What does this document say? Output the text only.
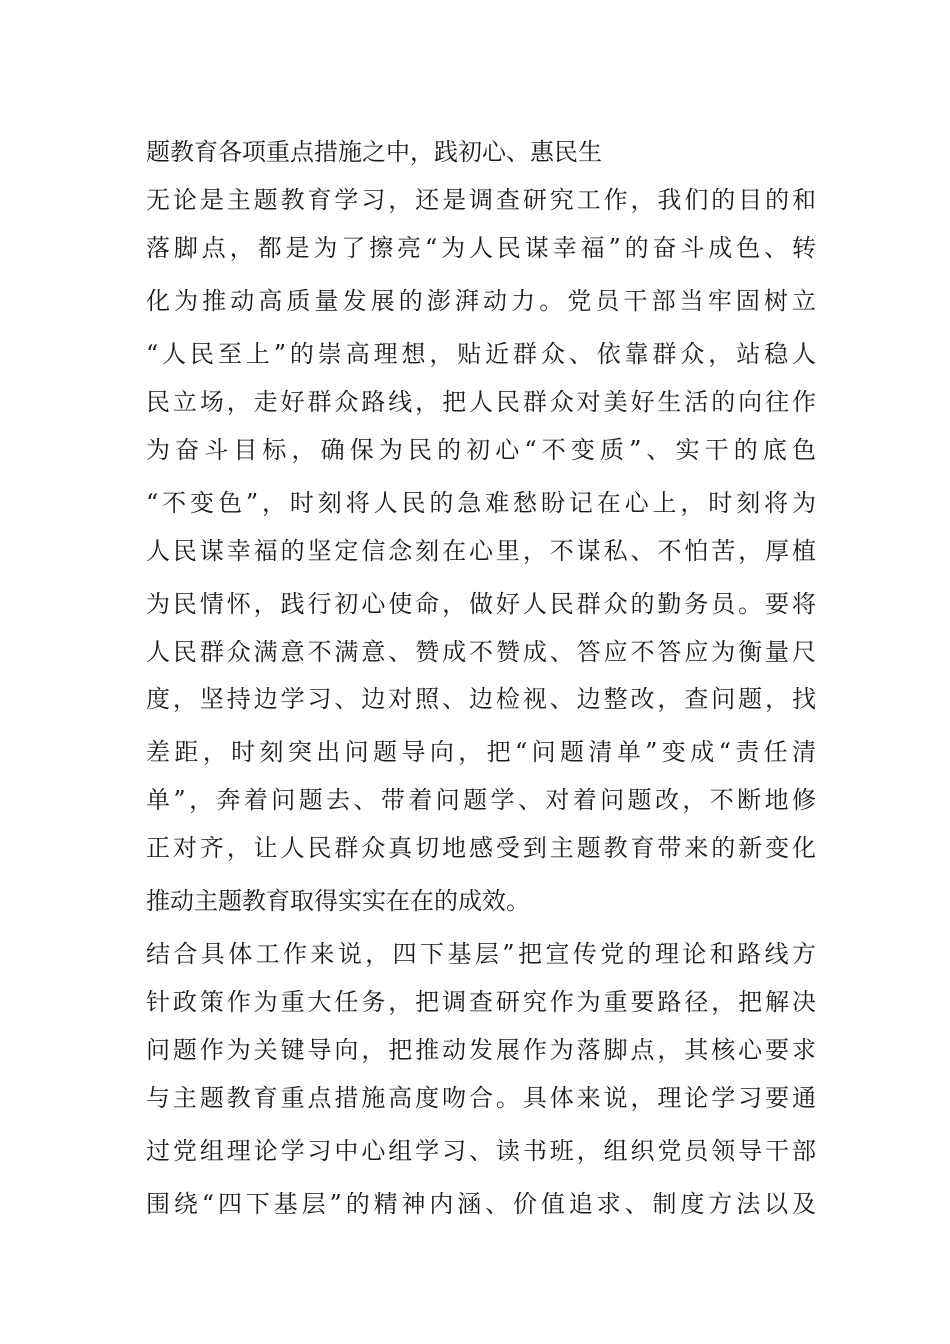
题教育各项重点措施之中，践初心、惠民生
无论是主题教育学习，还是调查研究工作，我们的目的和
落脚点，都是为了擦亮“为人民谋幸福”的奋斗成色、转
化为推动高质量发展的澎湃动力。党员干部当牢固树立
“人民至上”的崇高理想，贴近群众、依靠群众，站稳人
民立场，走好群众路线，把人民群众对美好生活的向往作
为奋斗目标，确保为民的初心“不变质”、实干的底色
“不变色”，时刻将人民的急难愁盼记在心上，时刻将为
人民谋幸福的坚定信念刻在心里，不谋私、不怕苦，厚植
为民情怀，践行初心使命，做好人民群众的勤务员。要将
人民群众满意不满意、赞成不赞成、答应不答应为衡量尺
度，坚持边学习、边对照、边检视、边整改，查问题，找
差距，时刻突出问题导向，把“问题清单”变成“责任清
单”，奔着问题去、带着问题学、对着问题改，不断地修
正对齐，让人民群众真切地感受到主题教育带来的新变化
推动主题教育取得实实在在的成效。
结合具体工作来说，四下基层”把宣传党的理论和路线方
针政策作为重大任务，把调查研究作为重要路径，把解决
问题作为关键导向，把推动发展作为落脚点，其核心要求
与主题教育重点措施高度吻合。具体来说，理论学习要通
过党组理论学习中心组学习、读书班，组织党员领导干部
围绕“四下基层”的精神内涵、价值追求、制度方法以及
